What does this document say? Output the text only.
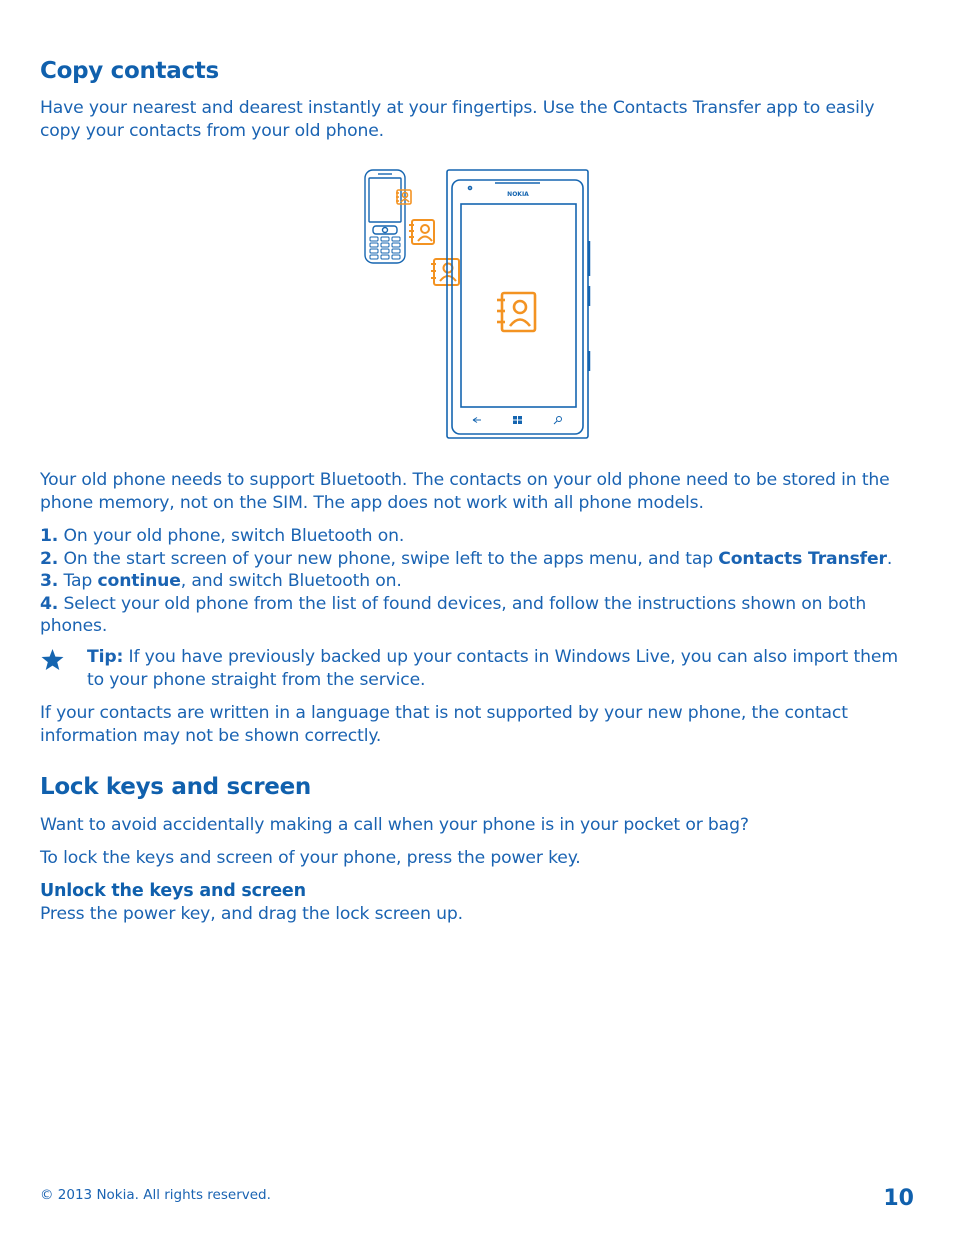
Copy contacts
Have your nearest and dearest instantly at your fingertips. Use the Contacts Transfer app to easily
copy your contacts from your old phone.
NOKIA
Your old phone needs to support Bluetooth. The contacts on your old phone need to be stored in the
phone memory, not on the SIM. The app does not work with all phone models.
1. On your old phone, switch Bluetooth on.
2. On the start screen of your new phone, swipe left to the apps menu, and tap Contacts Transfer.
3. Tap continue, and switch Bluetooth on.
4. Select your old phone from the list of found devices, and follow the instructions shown on both
phones.
Tip: If you have previously backed up your contacts in Windows Live, you can also import them
to your phone straight from the service.
If your contacts are written in a language that is not supported by your new phone, the contact
information may not be shown correctly.
Lock keys and screen
Want to avoid accidentally making a call when your phone is in your pocket or bag?
To lock the keys and screen of your phone, press the power key.
Unlock the keys and screen
Press the power key, and drag the lock screen up.
© 2013 Nokia. All rights reserved.	10
